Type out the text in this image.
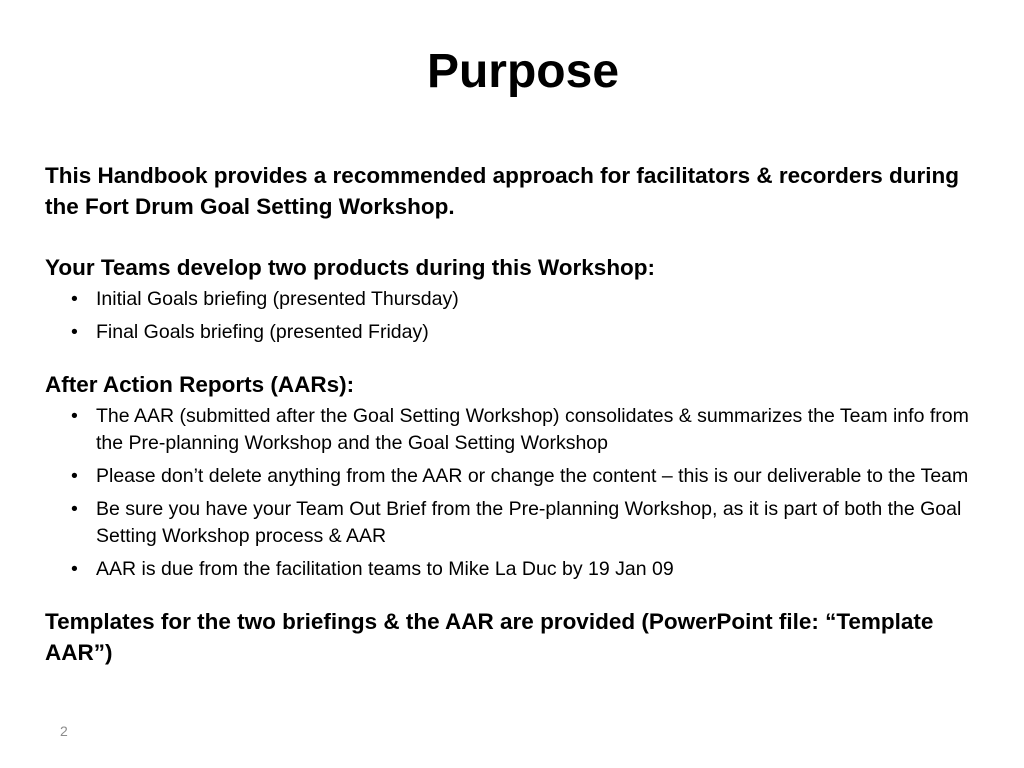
Purpose

This Handbook provides a recommended approach for facilitators & recorders during the Fort Drum Goal Setting Workshop.

Your Teams develop two products during this Workshop:

• Initial Goals briefing (presented Thursday)
• Final Goals briefing (presented Friday)

After Action Reports (AARs):

• The AAR (submitted after the Goal Setting Workshop) consolidates & summarizes the Team info from the Pre-planning Workshop and the Goal Setting Workshop
• Please don’t delete anything from the AAR or change the content – this is our deliverable to the Team
• Be sure you have your Team Out Brief from the Pre-planning Workshop, as it is part of both the Goal Setting Workshop process & AAR
• AAR is due from the facilitation teams to Mike La Duc by 19 Jan 09

Templates for the two briefings & the AAR are provided (PowerPoint file: “Template AAR”)

2
